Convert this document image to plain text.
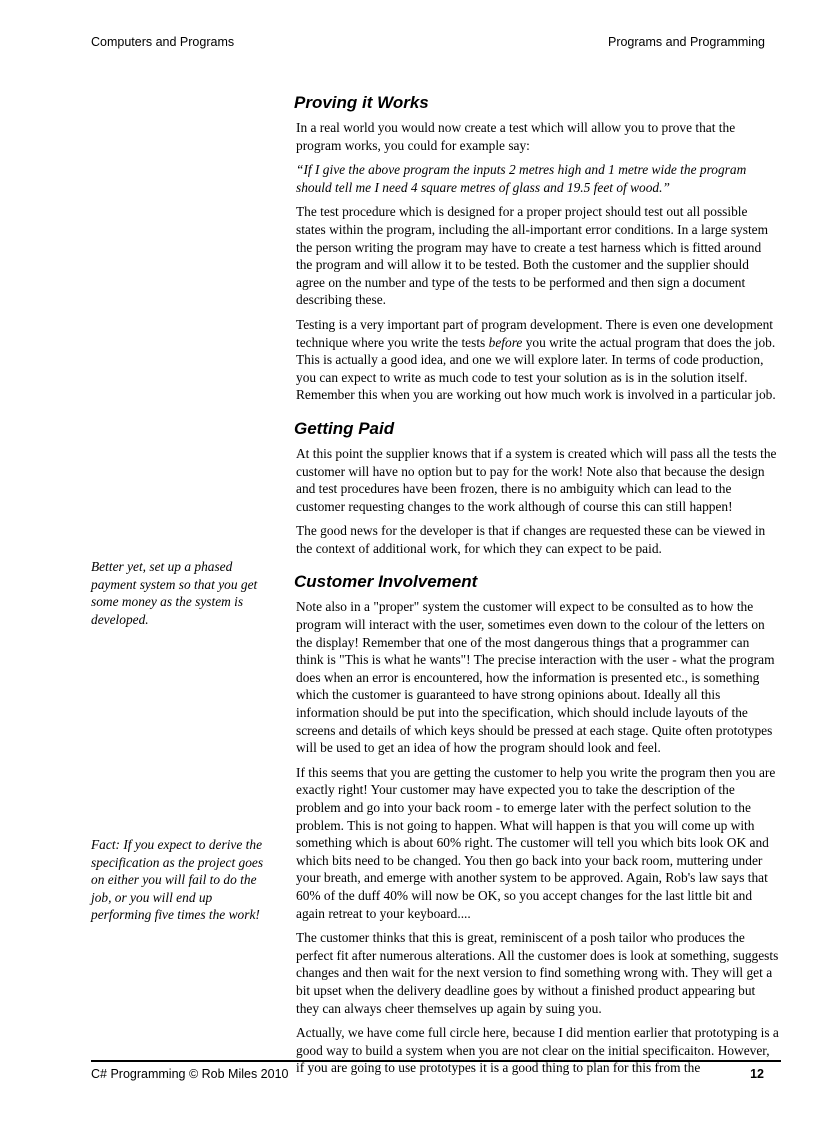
Computers and Programs	Programs and Programming
Proving it Works

In a real world you would now create a test which will allow you to prove that the program works, you could for example say:

“If I give the above program the inputs 2 metres high and 1 metre wide the program should tell me I need 4 square metres of glass and 19.5 feet of wood.”

The test procedure which is designed for a proper project should test out all possible states within the program, including the all-important error conditions. In a large system the person writing the program may have to create a test harness which is fitted around the program and will allow it to be tested. Both the customer and the supplier should agree on the number and type of the tests to be performed and then sign a document describing these.

Testing is a very important part of program development. There is even one development technique where you write the tests before you write the actual program that does the job. This is actually a good idea, and one we will explore later. In terms of code production, you can expect to write as much code to test your solution as is in the solution itself. Remember this when you are working out how much work is involved in a particular job.

Getting Paid

At this point the supplier knows that if a system is created which will pass all the tests the customer will have no option but to pay for the work! Note also that because the design and test procedures have been frozen, there is no ambiguity which can lead to the customer requesting changes to the work although of course this can still happen!

The good news for the developer is that if changes are requested these can be viewed in the context of additional work, for which they can expect to be paid.

Customer Involvement

Note also in a "proper" system the customer will expect to be consulted as to how the program will interact with the user, sometimes even down to the colour of the letters on the display! Remember that one of the most dangerous things that a programmer can think is "This is what he wants"! The precise interaction with the user - what the program does when an error is encountered, how the information is presented etc., is something which the customer is guaranteed to have strong opinions about. Ideally all this information should be put into the specification, which should include layouts of the screens and details of which keys should be pressed at each stage. Quite often prototypes will be used to get an idea of how the program should look and feel.

If this seems that you are getting the customer to help you write the program then you are exactly right! Your customer may have expected you to take the description of the problem and go into your back room - to emerge later with the perfect solution to the problem. This is not going to happen. What will happen is that you will come up with something which is about 60% right. The customer will tell you which bits look OK and which bits need to be changed. You then go back into your back room, muttering under your breath, and emerge with another system to be approved. Again, Rob's law says that 60% of the duff 40% will now be OK, so you accept changes for the last little bit and again retreat to your keyboard....

The customer thinks that this is great, reminiscent of a posh tailor who produces the perfect fit after numerous alterations. All the customer does is look at something, suggests changes and then wait for the next version to find something wrong with. They will get a bit upset when the delivery deadline goes by without a finished product appearing but they can always cheer themselves up again by suing you.

Actually, we have come full circle here, because I did mention earlier that prototyping is a good way to build a system when you are not clear on the initial specificaiton. However, if you are going to use prototypes it is a good thing to plan for this from the

Better yet, set up a phased payment system so that you get some money as the system is developed.

Fact: If you expect to derive the specification as the project goes on either you will fail to do the job, or you will end up performing five times the work!

C# Programming © Rob Miles 2010	12
